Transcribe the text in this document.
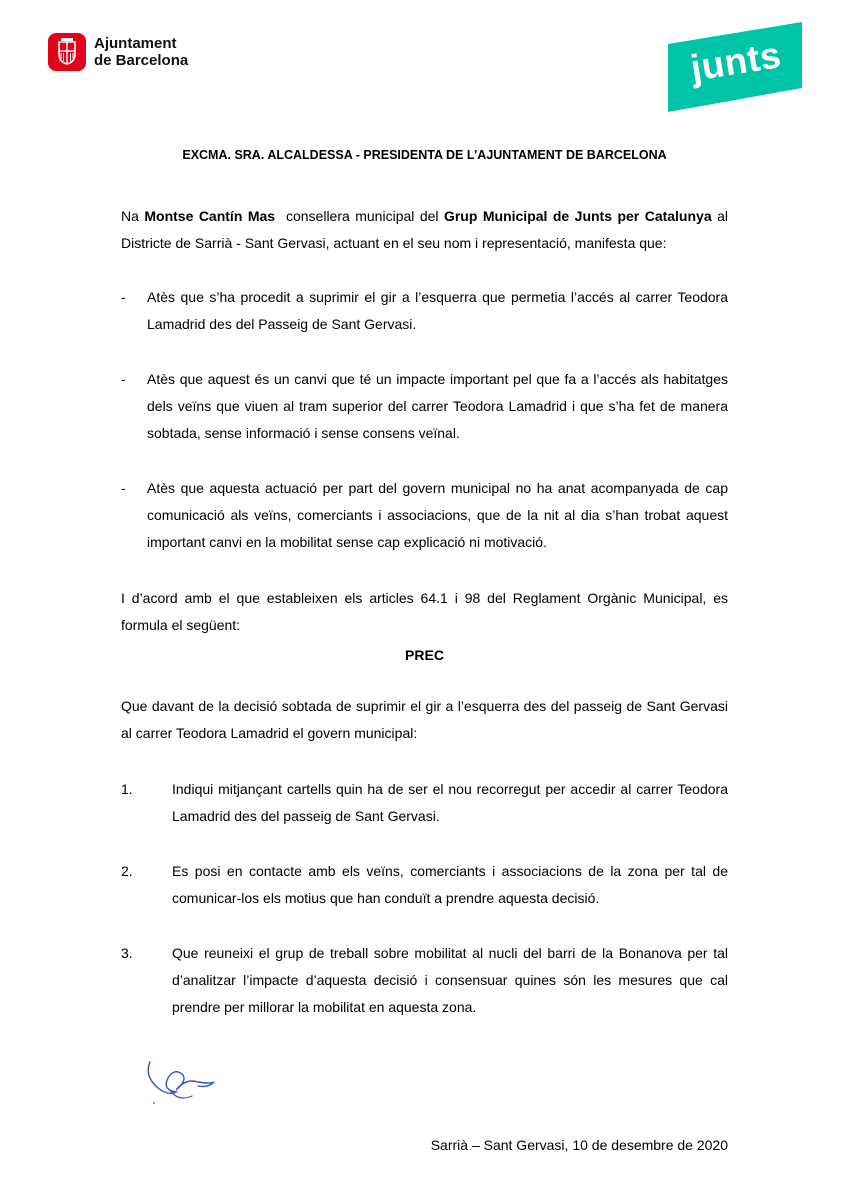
Ajuntament
de Barcelona	junts
EXCMA. SRA. ALCALDESSA - PRESIDENTA DE L’AJUNTAMENT DE BARCELONA
Na Montse Cantín Mas  consellera municipal del Grup Municipal de Junts per Catalunya al Districte de Sarrià - Sant Gervasi, actuant en el seu nom i representació, manifesta que:
- Atès que s’ha procedit a suprimir el gir a l’esquerra que permetia l’accés al carrer Teodora Lamadrid des del Passeig de Sant Gervasi.
- Atès que aquest és un canvi que té un impacte important pel que fa a l’accés als habitatges dels veïns que viuen al tram superior del carrer Teodora Lamadrid i que s’ha fet de manera sobtada, sense informació i sense consens veïnal.
- Atès que aquesta actuació per part del govern municipal no ha anat acompanyada de cap comunicació als veïns, comerciants i associacions, que de la nit al dia s’han trobat aquest important canvi en la mobilitat sense cap explicació ni motivació.
I d’acord amb el que estableixen els articles 64.1 i 98 del Reglament Orgànic Municipal, es formula el següent:
PREC
Que davant de la decisió sobtada de suprimir el gir a l’esquerra des del passeig de Sant Gervasi al carrer Teodora Lamadrid el govern municipal:
1.	Indiqui mitjançant cartells quin ha de ser el nou recorregut per accedir al carrer Teodora Lamadrid des del passeig de Sant Gervasi.
2.	Es posi en contacte amb els veïns, comerciants i associacions de la zona per tal de comunicar-los els motius que han conduït a prendre aquesta decisió.
3.	Que reuneixi el grup de treball sobre mobilitat al nucli del barri de la Bonanova per tal d’analitzar l’impacte d’aquesta decisió i consensuar quines són les mesures que cal prendre per millorar la mobilitat en aquesta zona.
Sarrià – Sant Gervasi, 10 de desembre de 2020
